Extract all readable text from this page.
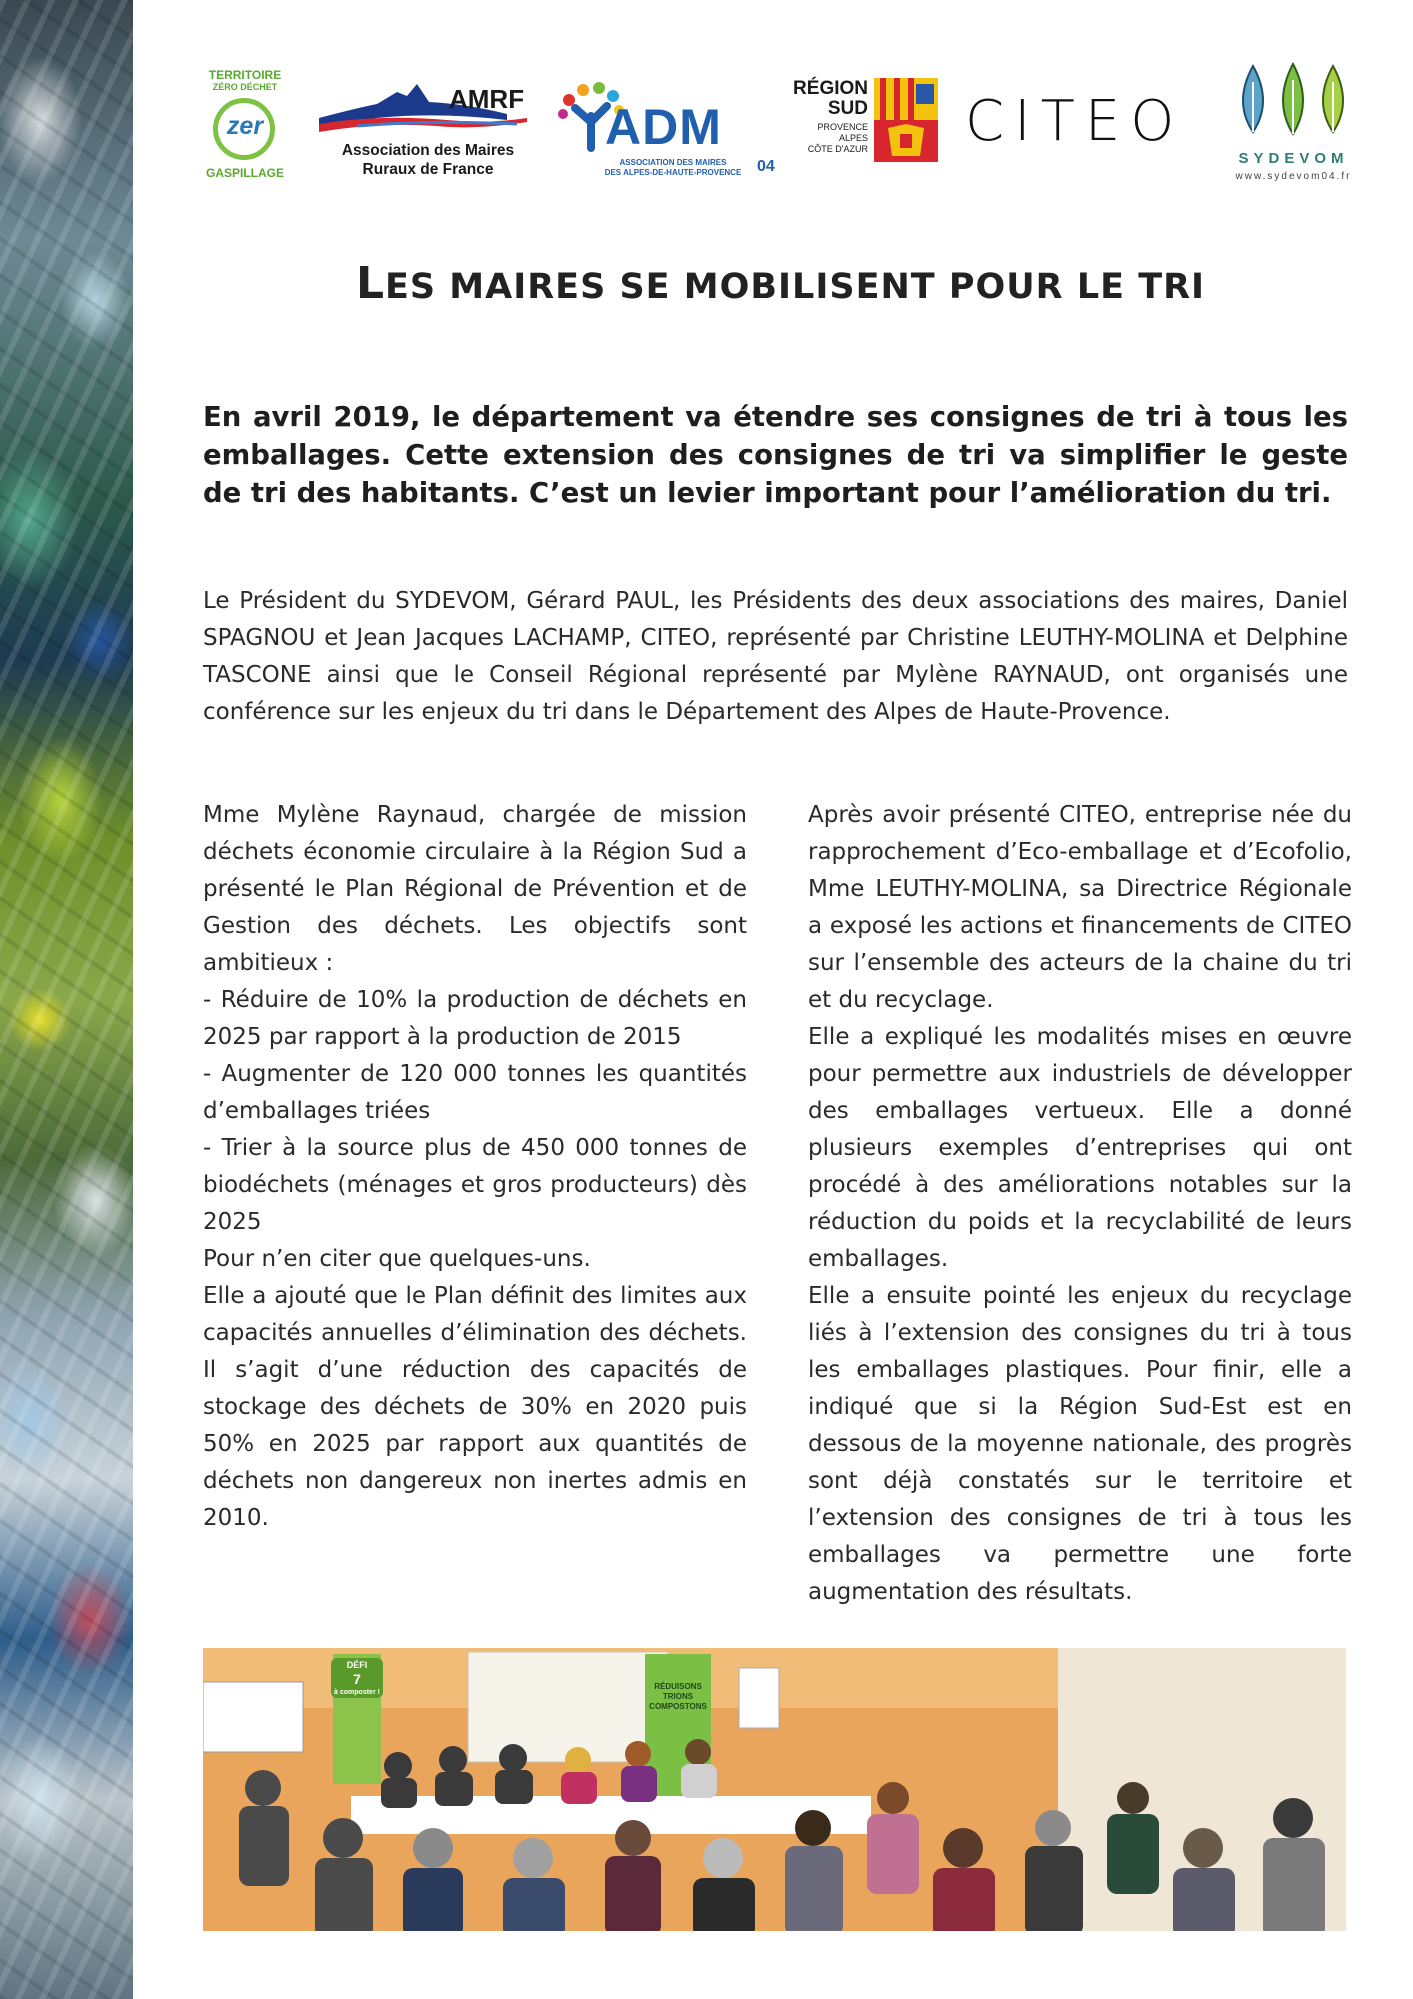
TERRITOIRE
ZÉRO DÉCHET
zer
GASPILLAGE
AMRF
Association des Maires
Ruraux de France
ADM
ASSOCIATION DES MAIRES
DES ALPES-DE-HAUTE-PROVENCE 04
RÉGION
SUD
PROVENCE
ALPES
CÔTE D'AZUR CITEO
SYDEVOM
www.sydevom04.fr
LES MAIRES SE MOBILISENT POUR LE TRI

En avril 2019, le département va étendre ses consignes de tri à tous les emballages. Cette extension des consignes de tri va simplifier le geste de tri des habitants. C’est un levier important pour l’amélioration du tri.

Le Président du SYDEVOM, Gérard PAUL, les Présidents des deux associations des maires, Daniel SPAGNOU et Jean Jacques LACHAMP, CITEO, représenté par Christine LEUTHY-MOLINA et Delphine TASCONE ainsi que le Conseil Régional représenté par Mylène RAYNAUD, ont organisés une conférence sur les enjeux du tri dans le Département des Alpes de Haute-Provence.

Mme Mylène Raynaud, chargée de mission déchets économie circulaire à la Région Sud a présenté le Plan Régional de Prévention et de Gestion des déchets. Les objectifs sont ambitieux :

- Réduire de 10% la production de déchets en 2025 par rapport à la production de 2015

- Augmenter de 120 000 tonnes les quantités d’emballages triées

- Trier à la source plus de 450 000 tonnes de biodéchets (ménages et gros producteurs) dès 2025

Pour n’en citer que quelques-uns.

Elle a ajouté que le Plan définit des limites aux capacités annuelles d’élimination des déchets. Il s’agit d’une réduction des capacités de stockage des déchets de 30% en 2020 puis 50% en 2025 par rapport aux quantités de déchets non dangereux non inertes admis en 2010.

Après avoir présenté CITEO, entreprise née du rapprochement d’Eco-emballage et d’Ecofolio, Mme LEUTHY-MOLINA, sa Directrice Régionale a exposé les actions et financements de CITEO sur l’ensemble des acteurs de la chaine du tri et du recyclage.

Elle a expliqué les modalités mises en œuvre pour permettre aux industriels de développer des emballages vertueux. Elle a donné plusieurs exemples d’entreprises qui ont procédé à des améliorations notables sur la réduction du poids et la recyclabilité de leurs emballages.

Elle a ensuite pointé les enjeux du recyclage liés à l’extension des consignes du tri à tous les emballages plastiques. Pour finir, elle a indiqué que si la Région Sud-Est est en dessous de la moyenne nationale, des progrès sont déjà constatés sur le territoire et l’extension des consignes de tri à tous les emballages va permettre une forte augmentation des résultats.

DÉFI
7
à composter !
RÉDUISONS
TRIONS
COMPOSTONS
